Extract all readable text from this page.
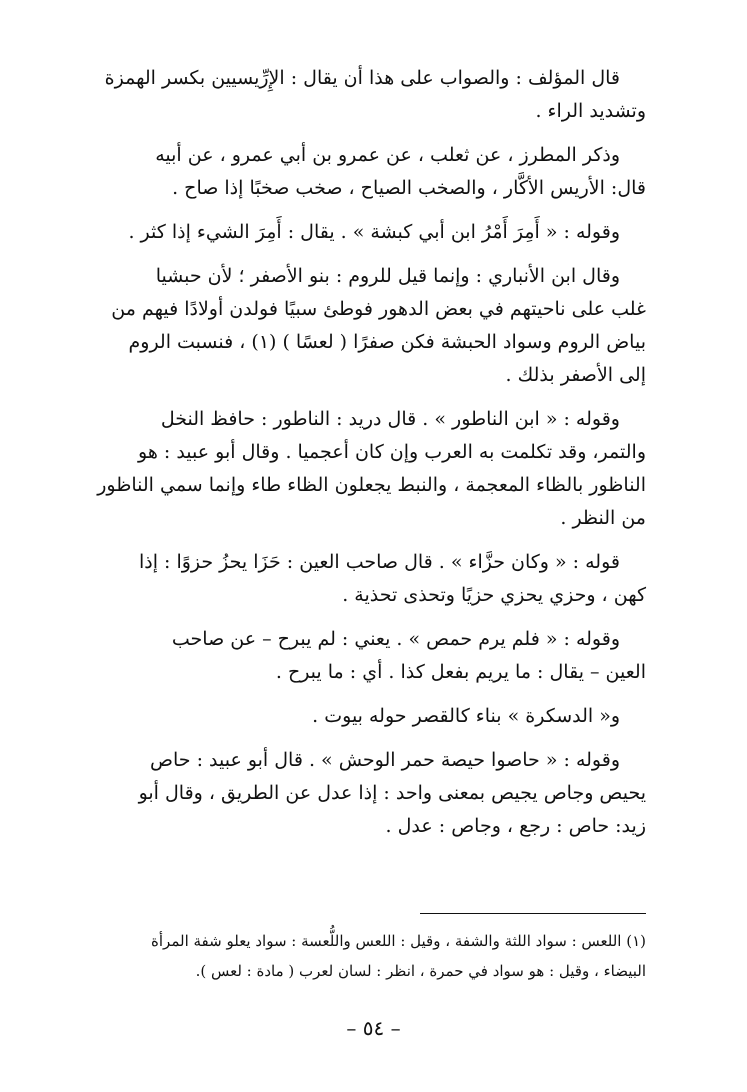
قال المؤلف : والصواب على هذا أن يقال : الإِرِّيسيين بكسر الهمزة
وتشديد الراء .

وذكر المطرز ، عن ثعلب ، عن عمرو بن أبي عمرو ، عن أبيه
قال: الأريس الأكَّار ، والصخب الصياح ، صخب صخبًا إذا صاح .

وقوله : « أَمِرَ أَمْرُ ابن أبي كبشة » . يقال : أَمِرَ الشيء إذا كثر .

وقال ابن الأنباري : وإنما قيل للروم : بنو الأصفر ؛ لأن حبشيا
غلب على ناحيتهم في بعض الدهور فوطئ سبيًا فولدن أولادًا فيهم من
بياض الروم وسواد الحبشة فكن صفرًا ( لعسًا ) (١) ، فنسبت الروم
إلى الأصفر بذلك .

وقوله : « ابن الناطور » . قال دريد : الناطور : حافظ النخل
والتمر، وقد تكلمت به العرب وإن كان أعجميا . وقال أبو عبيد : هو
الناظور بالظاء المعجمة ، والنبط يجعلون الظاء طاء وإنما سمي الناظور
من النظر .

قوله : « وكان حزَّاء » . قال صاحب العين : حَزَا يحزُ حزوًا : إذا
كهن ، وحزي يحزي حزيًا وتحذى تحذية .

وقوله : « فلم يرم حمص » . يعني : لم يبرح – عن صاحب
العين – يقال : ما يريم بفعل كذا . أي : ما يبرح .

و« الدسكرة » بناء كالقصر حوله بيوت .

وقوله : « حاصوا حيصة حمر الوحش » . قال أبو عبيد : حاص
يحيص وجاص يجيص بمعنى واحد : إذا عدل عن الطريق ، وقال أبو
زيد: حاص : رجع ، وجاص : عدل .

(١) اللعس : سواد اللثة والشفة ، وقيل : اللعس واللُّعسة : سواد يعلو شفة المرأة
البيضاء ، وقيل : هو سواد في حمرة ، انظر : لسان لعرب ( مادة : لعس ).
– ٥٤ –
